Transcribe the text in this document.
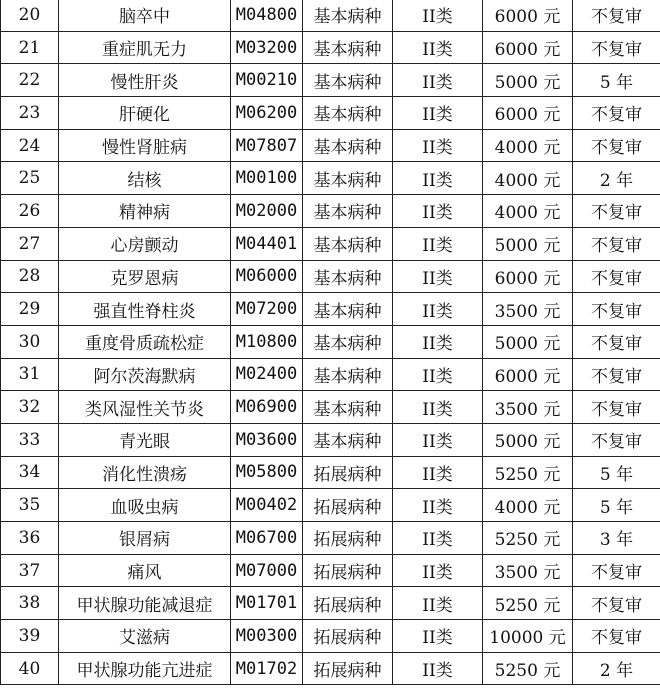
20	脑卒中	M04800	基本病种	II类	6000 元	不复审
21	重症肌无力	M03200	基本病种	II类	6000 元	不复审
22	慢性肝炎	M00210	基本病种	II类	5000 元	5 年
23	肝硬化	M06200	基本病种	II类	6000 元	不复审
24	慢性肾脏病	M07807	基本病种	II类	4000 元	不复审
25	结核	M00100	基本病种	II类	4000 元	2 年
26	精神病	M02000	基本病种	II类	4000 元	不复审
27	心房颤动	M04401	基本病种	II类	5000 元	不复审
28	克罗恩病	M06000	基本病种	II类	6000 元	不复审
29	强直性脊柱炎	M07200	基本病种	II类	3500 元	不复审
30	重度骨质疏松症	M10800	基本病种	II类	5000 元	不复审
31	阿尔茨海默病	M02400	基本病种	II类	6000 元	不复审
32	类风湿性关节炎	M06900	基本病种	II类	3500 元	不复审
33	青光眼	M03600	基本病种	II类	5000 元	不复审
34	消化性溃疡	M05800	拓展病种	II类	5250 元	5 年
35	血吸虫病	M00402	拓展病种	II类	4000 元	5 年
36	银屑病	M06700	拓展病种	II类	5250 元	3 年
37	痛风	M07000	拓展病种	II类	3500 元	不复审
38	甲状腺功能减退症	M01701	拓展病种	II类	5250 元	不复审
39	艾滋病	M00300	拓展病种	II类	10000 元	不复审
40	甲状腺功能亢进症	M01702	拓展病种	II类	5250 元	2 年
